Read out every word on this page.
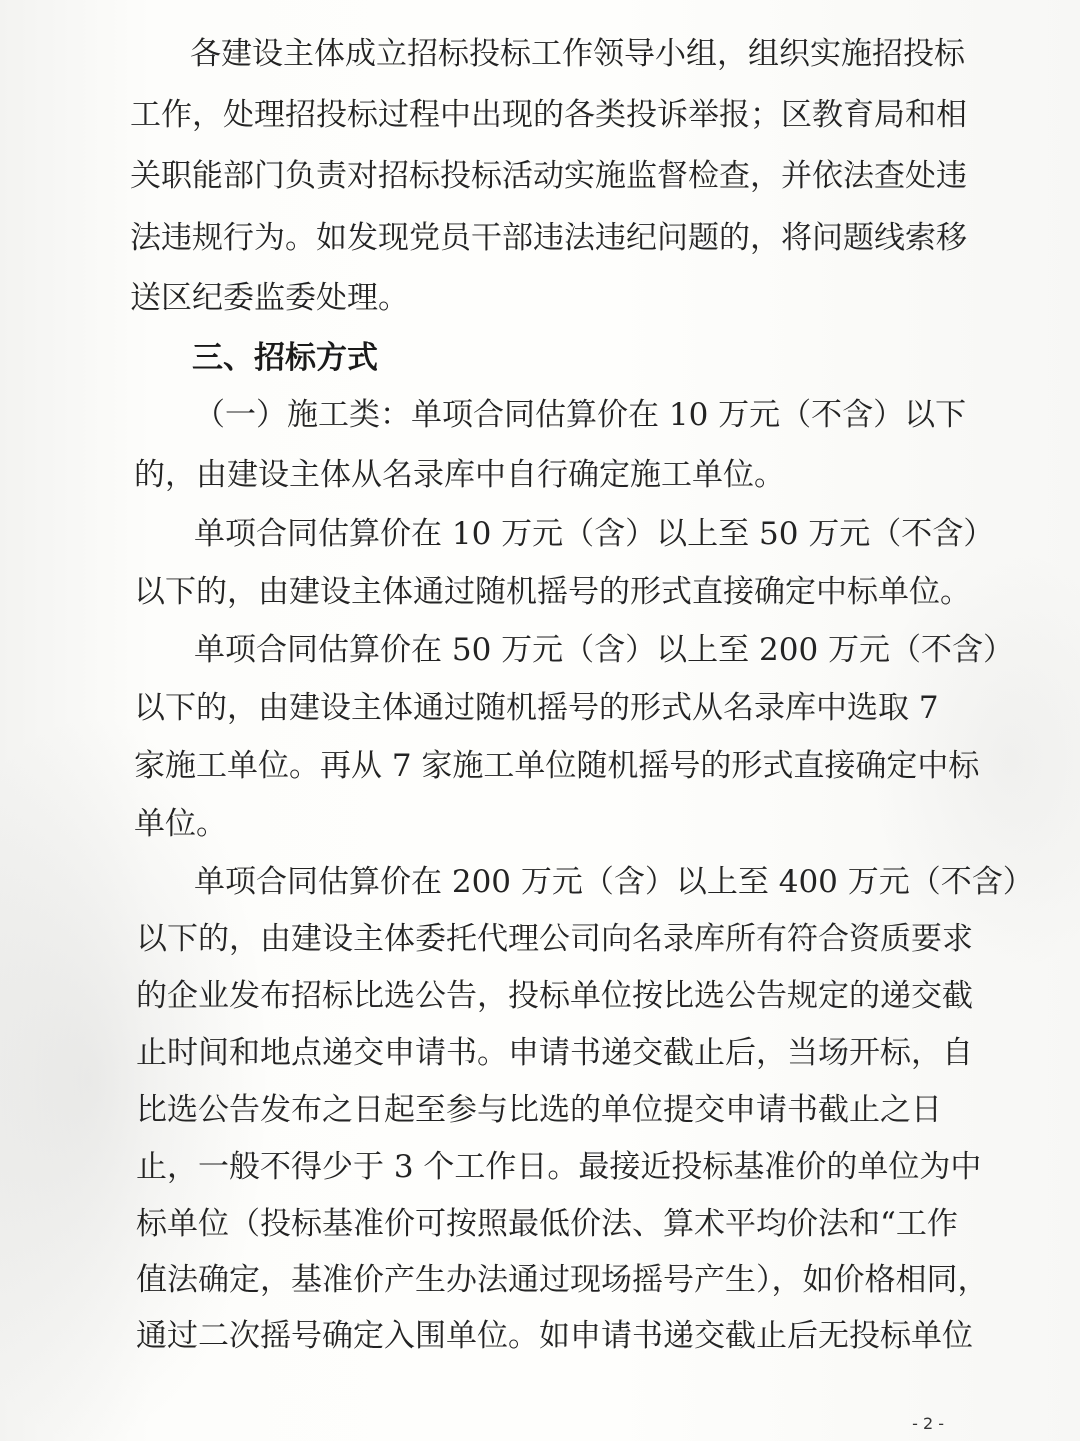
各建设主体成立招标投标工作领导小组，组织实施招投标

工作，处理招投标过程中出现的各类投诉举报；区教育局和相

关职能部门负责对招标投标活动实施监督检查，并依法查处违

法违规行为。如发现党员干部违法违纪问题的，将问题线索移

送区纪委监委处理。

三、招标方式

（一）施工类：单项合同估算价在 10 万元（不含）以下

的，由建设主体从名录库中自行确定施工单位。

单项合同估算价在 10 万元（含）以上至 50 万元（不含）

以下的，由建设主体通过随机摇号的形式直接确定中标单位。

单项合同估算价在 50 万元（含）以上至 200 万元（不含）

以下的，由建设主体通过随机摇号的形式从名录库中选取 7

家施工单位。再从 7 家施工单位随机摇号的形式直接确定中标

单位。

单项合同估算价在 200 万元（含）以上至 400 万元（不含）

以下的，由建设主体委托代理公司向名录库所有符合资质要求

的企业发布招标比选公告，投标单位按比选公告规定的递交截

止时间和地点递交申请书。申请书递交截止后，当场开标，自

比选公告发布之日起至参与比选的单位提交申请书截止之日

止，一般不得少于 3 个工作日。最接近投标基准价的单位为中

标单位（投标基准价可按照最低价法、算术平均价法和“工作

值法确定，基准价产生办法通过现场摇号产生），如价格相同，

通过二次摇号确定入围单位。如申请书递交截止后无投标单位

- 2 -
